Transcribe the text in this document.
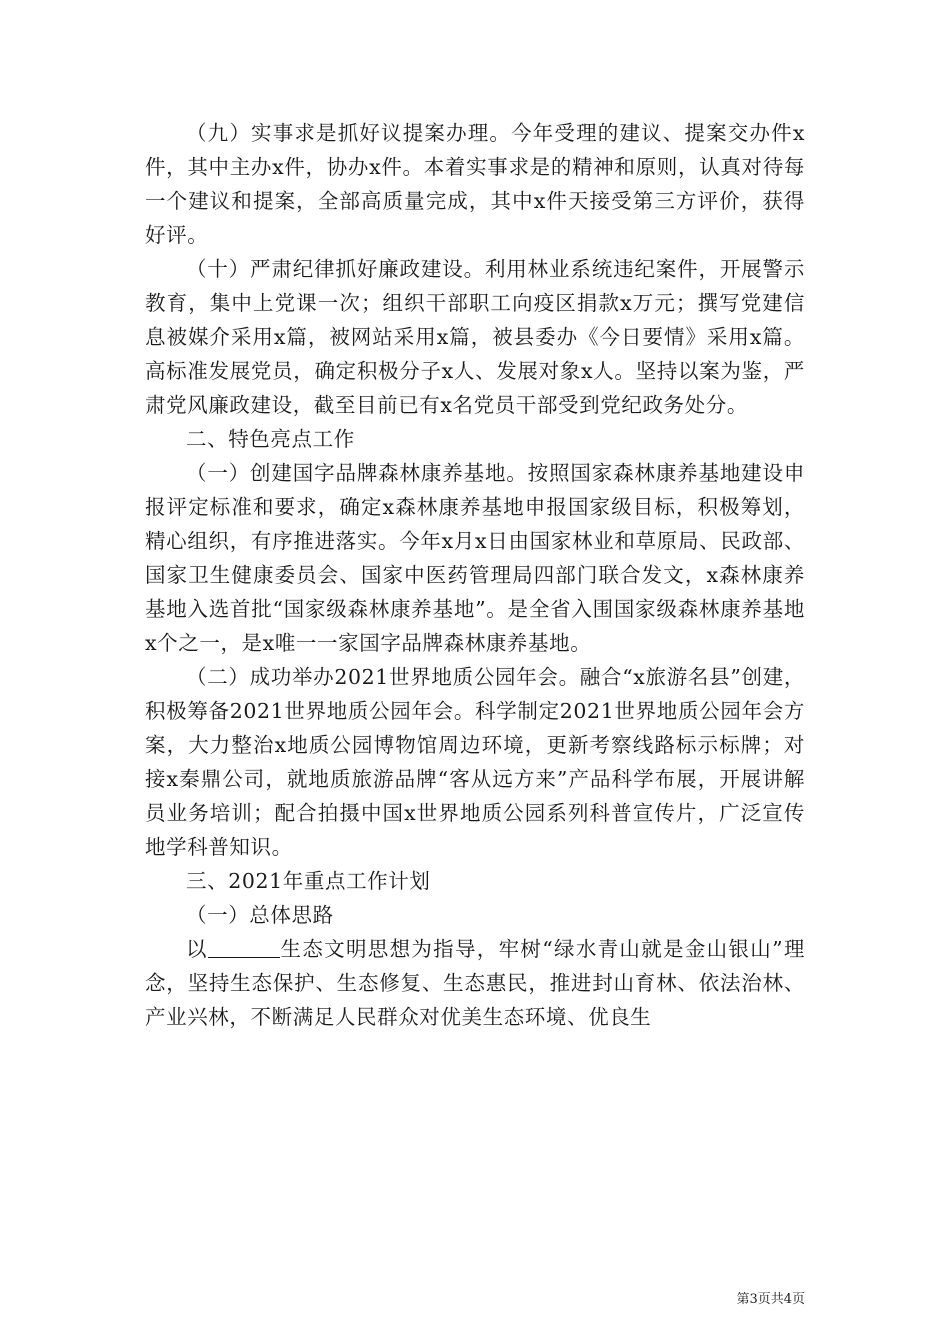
（九）实事求是抓好议提案办理。今年受理的建议、提案交办件x件，其中主办x件，协办x件。本着实事求是的精神和原则，认真对待每一个建议和提案，全部高质量完成，其中x件天接受第三方评价，获得好评。

（十）严肃纪律抓好廉政建设。利用林业系统违纪案件，开展警示教育，集中上党课一次；组织干部职工向疫区捐款x万元；撰写党建信息被媒介采用x篇，被网站采用x篇，被县委办《今日要情》采用x篇。高标准发展党员，确定积极分子x人、发展对象x人。坚持以案为鉴，严肃党风廉政建设，截至目前已有x名党员干部受到党纪政务处分。

二、特色亮点工作

（一）创建国字品牌森林康养基地。按照国家森林康养基地建设申报评定标准和要求，确定x森林康养基地申报国家级目标，积极筹划，精心组织，有序推进落实。今年x月x日由国家林业和草原局、民政部、国家卫生健康委员会、国家中医药管理局四部门联合发文，x森林康养基地入选首批“国家级森林康养基地”。是全省入围国家级森林康养基地x个之一，是x唯一一家国字品牌森林康养基地。

（二）成功举办2021世界地质公园年会。融合“x旅游名县”创建，积极筹备2021世界地质公园年会。科学制定2021世界地质公园年会方案，大力整治x地质公园博物馆周边环境，更新考察线路标示标牌；对接x秦鼎公司，就地质旅游品牌“客从远方来”产品科学布展，开展讲解员业务培训；配合拍摄中国x世界地质公园系列科普宣传片，广泛宣传地学科普知识。

三、2021年重点工作计划

（一）总体思路

以	生态文明思想为指导，牢树“绿水青山就是金山银山”理念，坚持生态保护、生态修复、生态惠民，推进封山育林、依法治林、产业兴林，不断满足人民群众对优美生态环境、优良生

第3页共4页
